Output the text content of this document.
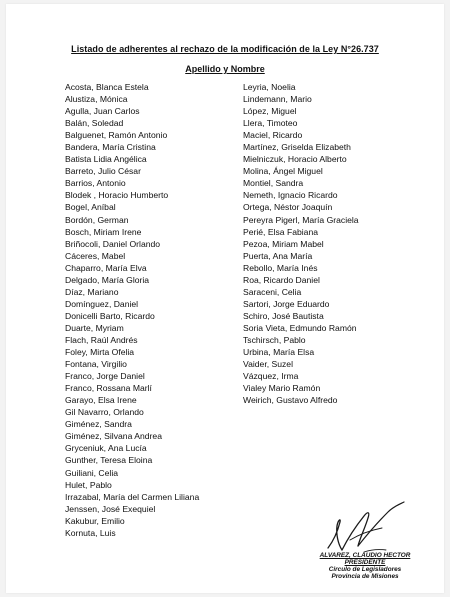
Listado de adherentes al rechazo de la modificación de la Ley N°26.737
Apellido y Nombre
Acosta, Blanca Estela
Alustiza, Mónica
Agulla, Juan Carlos
Balán, Soledad
Balguenet, Ramón Antonio
Bandera, María Cristina
Batista Lidia Angélica
Barreto, Julio César
Barrios, Antonio
Blodek , Horacio Humberto
Bogel, Aníbal
Bordón, German
Bosch, Miriam Irene
Briñocoli, Daniel Orlando
Cáceres, Mabel
Chaparro, María Elva
Delgado, María Gloria
Díaz, Mariano
Domínguez, Daniel
Donicelli Barto, Ricardo
Duarte, Myriam
Flach, Raúl Andrés
Foley, Mirta Ofelia
Fontana, Virgilio
Franco, Jorge Daniel
Franco, Rossana Marlí
Garayo, Elsa Irene
Gil Navarro, Orlando
Giménez, Sandra
Giménez, Silvana Andrea
Gryceniuk, Ana Lucía
Gunther, Teresa Eloina
Guiliani, Celia
Hulet, Pablo
Irrazabal, María del Carmen Liliana
Jenssen, José Exequiel
Kakubur, Emilio
Kornuta, Luis
Leyria, Noelia
Lindemann, Mario
López, Miguel
Llera, Timoteo
Maciel, Ricardo
Martínez, Griselda Elizabeth
Mielniczuk, Horacio Alberto
Molina, Ángel Miguel
Montiel, Sandra
Nemeth, Ignacio Ricardo
Ortega, Néstor Joaquín
Pereyra Pigerl, María Graciela
Perié, Elsa Fabiana
Pezoa, Miriam Mabel
Puerta, Ana María
Rebollo, María Inés
Roa, Ricardo Daniel
Saraceni, Celia
Sartori, Jorge Eduardo
Schiro, José Bautista
Soria Vieta, Edmundo Ramón
Tschirsch, Pablo
Urbina, María Elsa
Vaider, Suzel
Vázquez, Irma
Vialey Mario Ramón
Weirich, Gustavo Alfredo

ALVAREZ, CLAUDIO HECTOR

PRESIDENTE

Circulo de Legisladores

Provincia de Misiones
